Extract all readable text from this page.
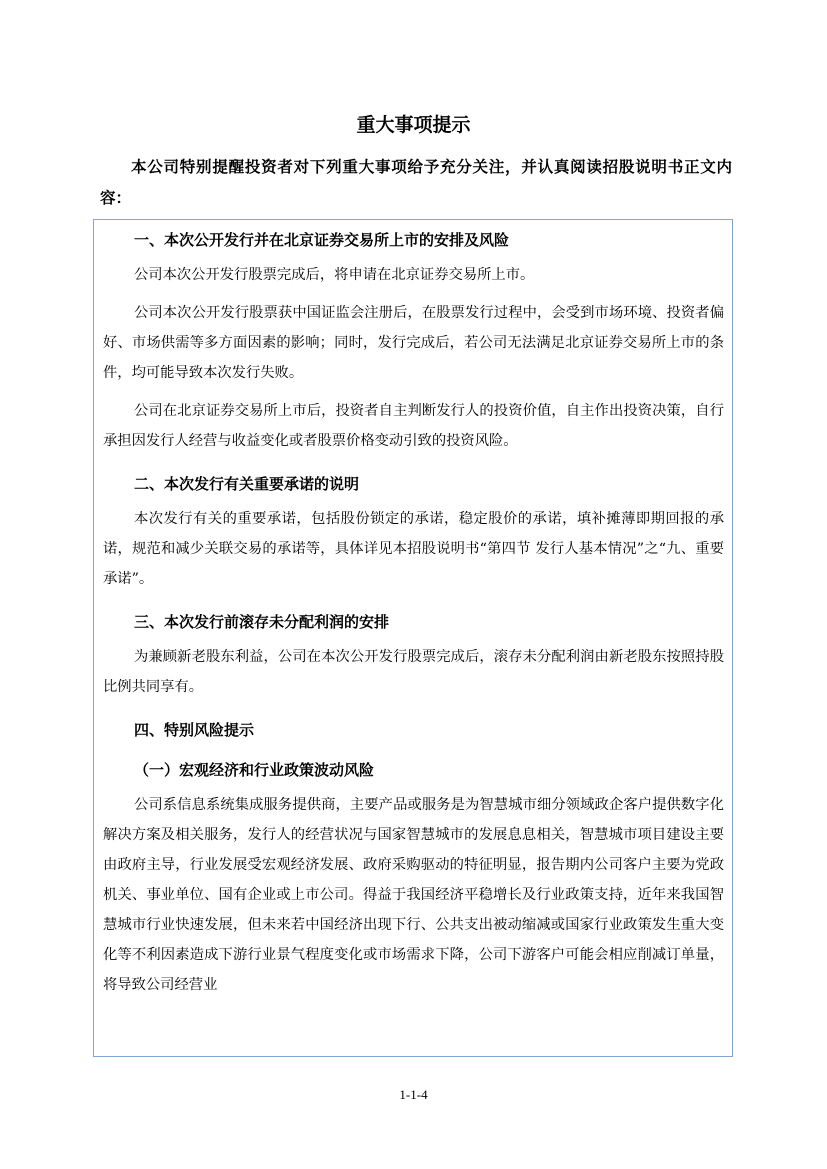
重大事项提示
本公司特别提醒投资者对下列重大事项给予充分关注，并认真阅读招股说明书正文内容：
一、本次公开发行并在北京证券交易所上市的安排及风险

公司本次公开发行股票完成后，将申请在北京证券交易所上市。

公司本次公开发行股票获中国证监会注册后，在股票发行过程中，会受到市场环境、投资者偏好、市场供需等多方面因素的影响；同时，发行完成后，若公司无法满足北京证券交易所上市的条件，均可能导致本次发行失败。

公司在北京证券交易所上市后，投资者自主判断发行人的投资价值，自主作出投资决策，自行承担因发行人经营与收益变化或者股票价格变动引致的投资风险。

二、本次发行有关重要承诺的说明

本次发行有关的重要承诺，包括股份锁定的承诺，稳定股价的承诺，填补摊薄即期回报的承诺，规范和减少关联交易的承诺等，具体详见本招股说明书“第四节 发行人基本情况”之“九、重要承诺”。

三、本次发行前滚存未分配利润的安排

为兼顾新老股东利益，公司在本次公开发行股票完成后，滚存未分配利润由新老股东按照持股比例共同享有。

四、特别风险提示
（一）宏观经济和行业政策波动风险

公司系信息系统集成服务提供商，主要产品或服务是为智慧城市细分领域政企客户提供数字化解决方案及相关服务，发行人的经营状况与国家智慧城市的发展息息相关，智慧城市项目建设主要由政府主导，行业发展受宏观经济发展、政府采购驱动的特征明显，报告期内公司客户主要为党政机关、事业单位、国有企业或上市公司。得益于我国经济平稳增长及行业政策支持，近年来我国智慧城市行业快速发展，但未来若中国经济出现下行、公共支出被动缩减或国家行业政策发生重大变化等不利因素造成下游行业景气程度变化或市场需求下降，公司下游客户可能会相应削减订单量，将导致公司经营业

1-1-4
